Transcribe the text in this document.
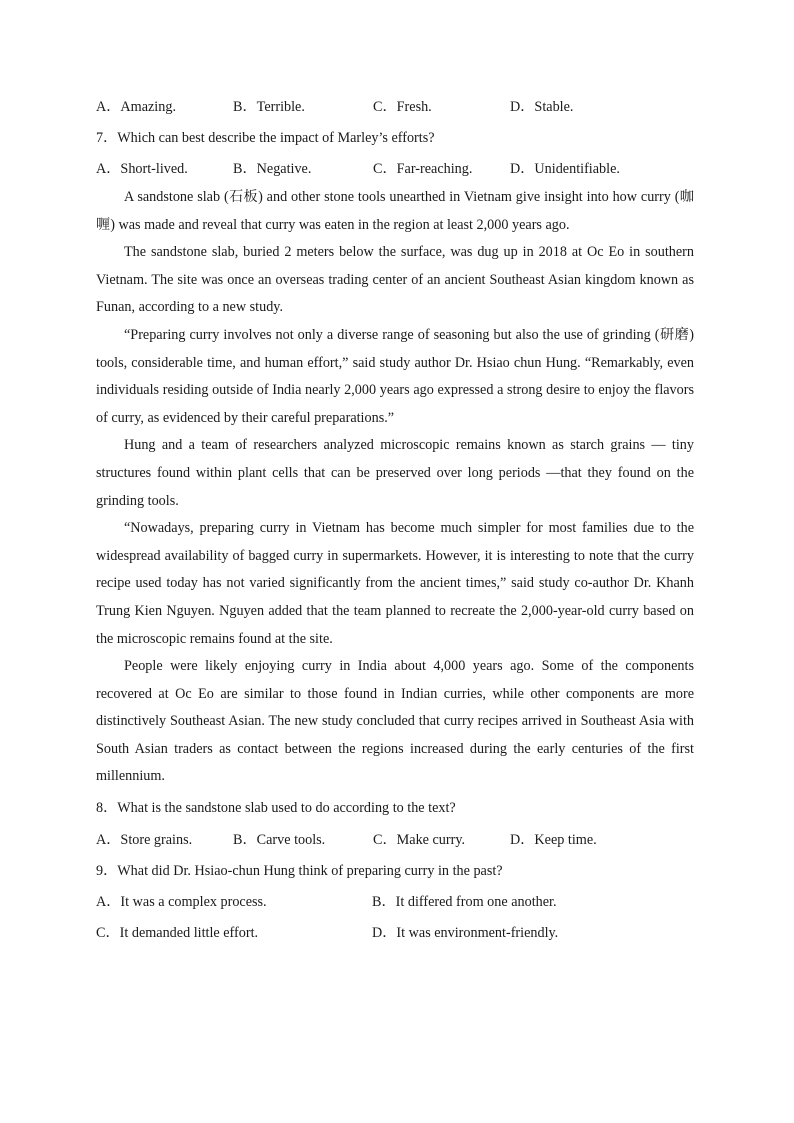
A．Amazing.	B．Terrible.	C．Fresh.	D．Stable.
7．Which can best describe the impact of Marley’s efforts?
A．Short-lived.	B．Negative.	C．Far-reaching.	D．Unidentifiable.

A sandstone slab (石板) and other stone tools unearthed in Vietnam give insight into how curry (咖喱) was made and reveal that curry was eaten in the region at least 2,000 years ago.

The sandstone slab, buried 2 meters below the surface, was dug up in 2018 at Oc Eo in southern Vietnam. The site was once an overseas trading center of an ancient Southeast Asian kingdom known as Funan, according to a new study.

“Preparing curry involves not only a diverse range of seasoning but also the use of grinding (研磨) tools, considerable time, and human effort,” said study author Dr. Hsiao chun Hung. “Remarkably, even individuals residing outside of India nearly 2,000 years ago expressed a strong desire to enjoy the flavors of curry, as evidenced by their careful preparations.”

Hung and a team of researchers analyzed microscopic remains known as starch grains — tiny structures found within plant cells that can be preserved over long periods —that they found on the grinding tools.

“Nowadays, preparing curry in Vietnam has become much simpler for most families due to the widespread availability of bagged curry in supermarkets. However, it is interesting to note that the curry recipe used today has not varied significantly from the ancient times,” said study co-author Dr. Khanh Trung Kien Nguyen. Nguyen added that the team planned to recreate the 2,000-year-old curry based on the microscopic remains found at the site.

People were likely enjoying curry in India about 4,000 years ago. Some of the components recovered at Oc Eo are similar to those found in Indian curries, while other components are more distinctively Southeast Asian. The new study concluded that curry recipes arrived in Southeast Asia with South Asian traders as contact between the regions increased during the early centuries of the first millennium.

8．What is the sandstone slab used to do according to the text?
A．Store grains.	B．Carve tools.	C．Make curry.	D．Keep time.
9．What did Dr. Hsiao-chun Hung think of preparing curry in the past?
A．It was a complex process.	B．It differed from one another.
C．It demanded little effort.	D．It was environment-friendly.
